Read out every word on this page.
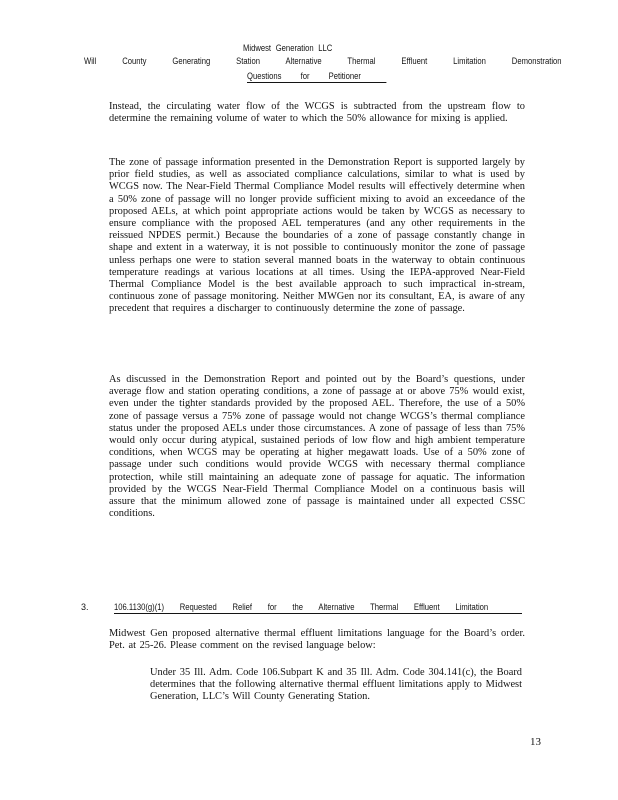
Midwest Generation LLC
Will County Generating Station Alternative Thermal Effluent Limitation Demonstration
Questions for Petitioner
Instead, the circulating water flow of the WCGS is subtracted from the upstream flow to determine the remaining volume of water to which the 50% allowance for mixing is applied.
The zone of passage information presented in the Demonstration Report is supported largely by prior field studies, as well as associated compliance calculations, similar to what is used by WCGS now. The Near-Field Thermal Compliance Model results will effectively determine when a 50% zone of passage will no longer provide sufficient mixing to avoid an exceedance of the proposed AELs, at which point appropriate actions would be taken by WCGS as necessary to ensure compliance with the proposed AEL temperatures (and any other requirements in the reissued NPDES permit.) Because the boundaries of a zone of passage constantly change in shape and extent in a waterway, it is not possible to continuously monitor the zone of passage unless perhaps one were to station several manned boats in the waterway to obtain continuous temperature readings at various locations at all times. Using the IEPA-approved Near-Field Thermal Compliance Model is the best available approach to such impractical in-stream, continuous zone of passage monitoring. Neither MWGen nor its consultant, EA, is aware of any precedent that requires a discharger to continuously determine the zone of passage.
As discussed in the Demonstration Report and pointed out by the Board’s questions, under average flow and station operating conditions, a zone of passage at or above 75% would exist, even under the tighter standards provided by the proposed AEL. Therefore, the use of a 50% zone of passage versus a 75% zone of passage would not change WCGS’s thermal compliance status under the proposed AELs under those circumstances. A zone of passage of less than 75% would only occur during atypical, sustained periods of low flow and high ambient temperature conditions, when WCGS may be operating at higher megawatt loads. Use of a 50% zone of passage under such conditions would provide WCGS with necessary thermal compliance protection, while still maintaining an adequate zone of passage for aquatic. The information provided by the WCGS Near-Field Thermal Compliance Model on a continuous basis will assure that the minimum allowed zone of passage is maintained under all expected CSSC conditions.
3.	106.1130(g)(1) Requested Relief for the Alternative Thermal Effluent Limitation
Midwest Gen proposed alternative thermal effluent limitations language for the Board’s order. Pet. at 25-26. Please comment on the revised language below:
Under 35 Ill. Adm. Code 106.Subpart K and 35 Ill. Adm. Code 304.141(c), the Board determines that the following alternative thermal effluent limitations apply to Midwest Generation, LLC’s Will County Generating Station.
13
